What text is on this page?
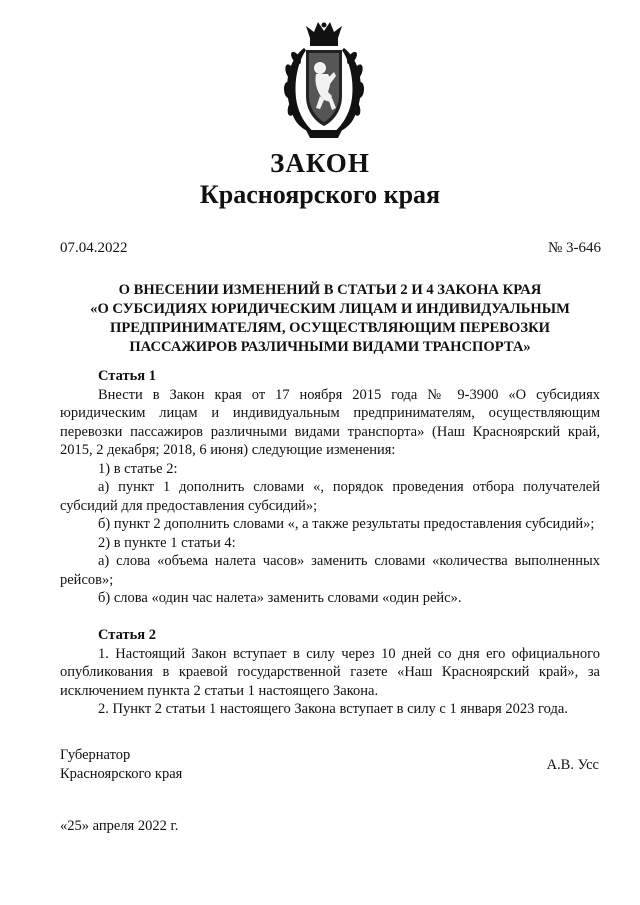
ЗАКОН
Красноярского края
07.04.2022	№ 3-646
О ВНЕСЕНИИ ИЗМЕНЕНИЙ В СТАТЬИ 2 И 4 ЗАКОНА КРАЯ
«О СУБСИДИЯХ ЮРИДИЧЕСКИМ ЛИЦАМ И ИНДИВИДУАЛЬНЫМ
ПРЕДПРИНИМАТЕЛЯМ, ОСУЩЕСТВЛЯЮЩИМ ПЕРЕВОЗКИ
ПАССАЖИРОВ РАЗЛИЧНЫМИ ВИДАМИ ТРАНСПОРТА»
Статья 1
Внести в Закон края от 17 ноября 2015 года № 9-3900 «О субсидиях юридическим лицам и индивидуальным предпринимателям, осуществляющим перевозки пассажиров различными видами транспорта» (Наш Красноярский край, 2015, 2 декабря; 2018, 6 июня) следующие изменения:
1) в статье 2:
а) пункт 1 дополнить словами «, порядок проведения отбора получателей субсидий для предоставления субсидий»;
б) пункт 2 дополнить словами «, а также результаты предоставления субсидий»;
2) в пункте 1 статьи 4:
а) слова «объема налета часов» заменить словами «количества выполненных рейсов»;
б) слова «один час налета» заменить словами «один рейс».
Статья 2
1. Настоящий Закон вступает в силу через 10 дней со дня его официального опубликования в краевой государственной газете «Наш Красноярский край», за исключением пункта 2 статьи 1 настоящего Закона.
2. Пункт 2 статьи 1 настоящего Закона вступает в силу с 1 января 2023 года.
Губернатор
Красноярского края
А.В. Усс
«25» апреля 2022 г.
